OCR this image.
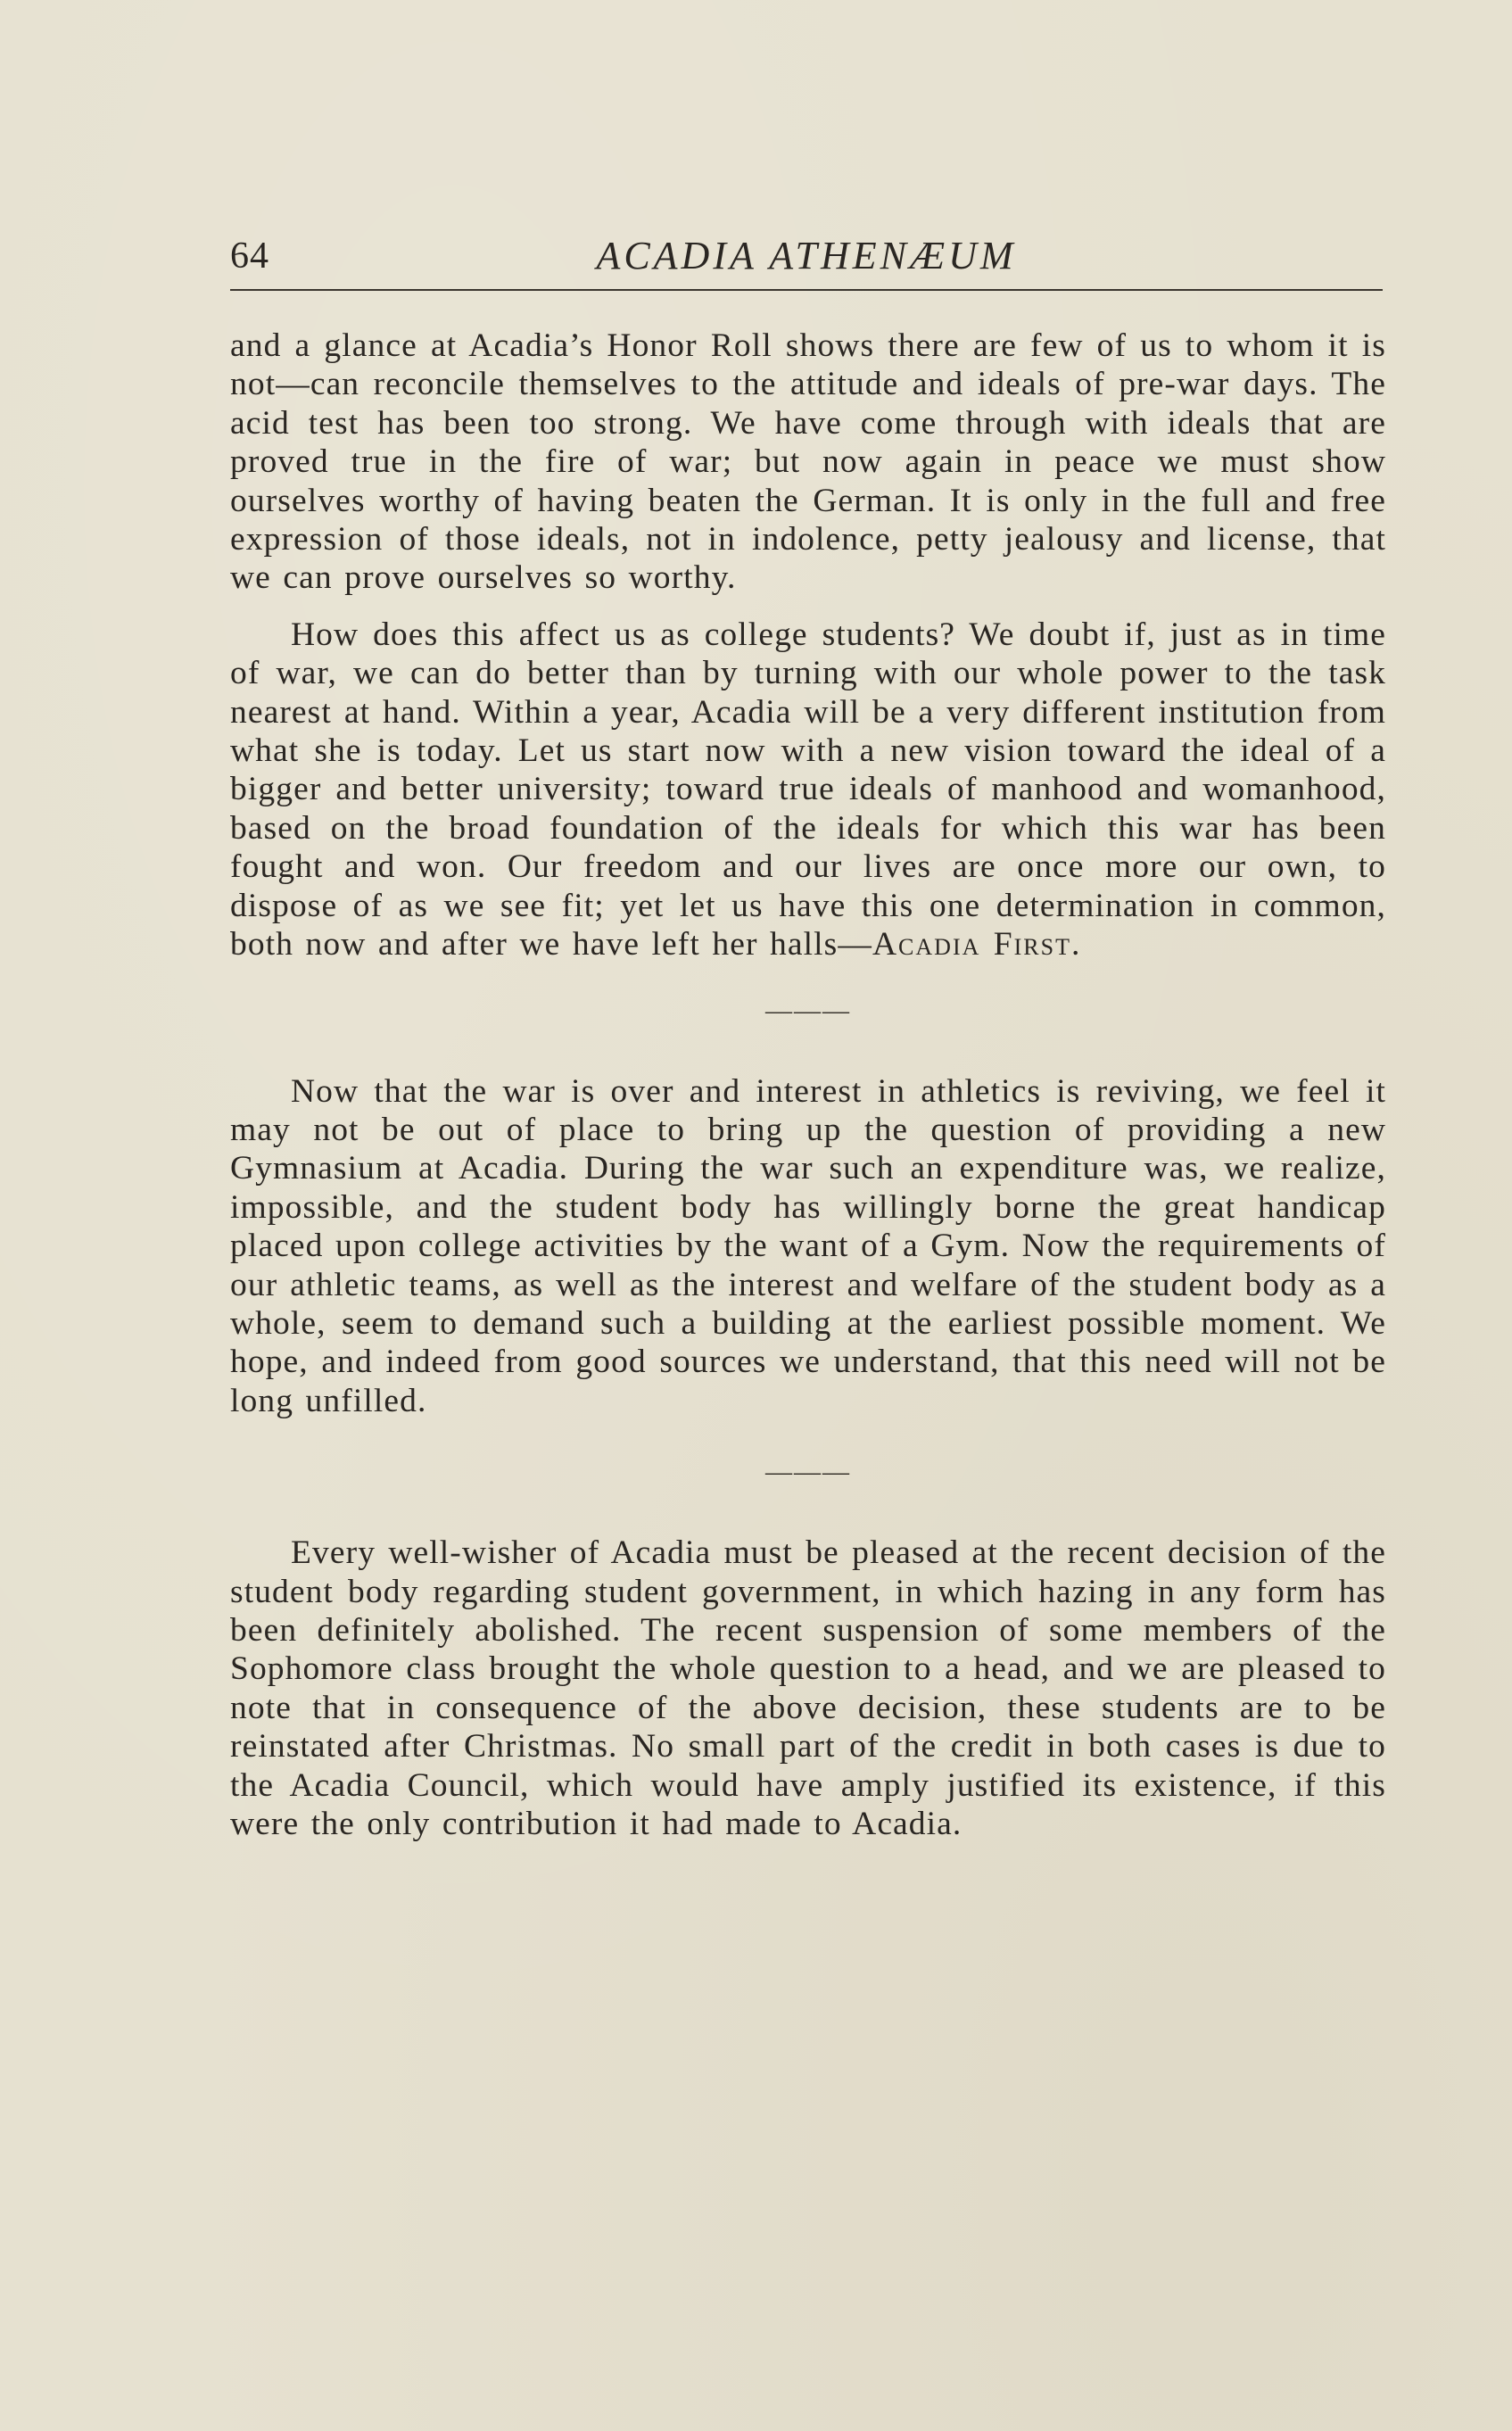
64	ACADIA ATHENÆUM

and a glance at Acadia’s Honor Roll shows there are few of us to whom it is not—can reconcile themselves to the attitude and ideals of pre-war days. The acid test has been too strong. We have come through with ideals that are proved true in the fire of war; but now again in peace we must show ourselves worthy of having beaten the German. It is only in the full and free expression of those ideals, not in indolence, petty jealousy and license, that we can prove ourselves so worthy.

How does this affect us as college students? We doubt if, just as in time of war, we can do better than by turning with our whole power to the task nearest at hand. Within a year, Acadia will be a very different institution from what she is today. Let us start now with a new vision toward the ideal of a bigger and better university; toward true ideals of manhood and womanhood, based on the broad foundation of the ideals for which this war has been fought and won. Our freedom and our lives are once more our own, to dispose of as we see fit; yet let us have this one determination in common, both now and after we have left her halls—Acadia First.

———

Now that the war is over and interest in athletics is reviving, we feel it may not be out of place to bring up the question of providing a new Gymnasium at Acadia. During the war such an expenditure was, we realize, impossible, and the student body has willingly borne the great handicap placed upon college activities by the want of a Gym. Now the requirements of our athletic teams, as well as the interest and welfare of the student body as a whole, seem to demand such a building at the earliest possible moment. We hope, and indeed from good sources we understand, that this need will not be long unfilled.

———

Every well-wisher of Acadia must be pleased at the recent decision of the student body regarding student government, in which hazing in any form has been definitely abolished. The recent suspension of some members of the Sophomore class brought the whole question to a head, and we are pleased to note that in consequence of the above decision, these students are to be reinstated after Christmas. No small part of the credit in both cases is due to the Acadia Council, which would have amply justified its existence, if this were the only contribution it had made to Acadia.
